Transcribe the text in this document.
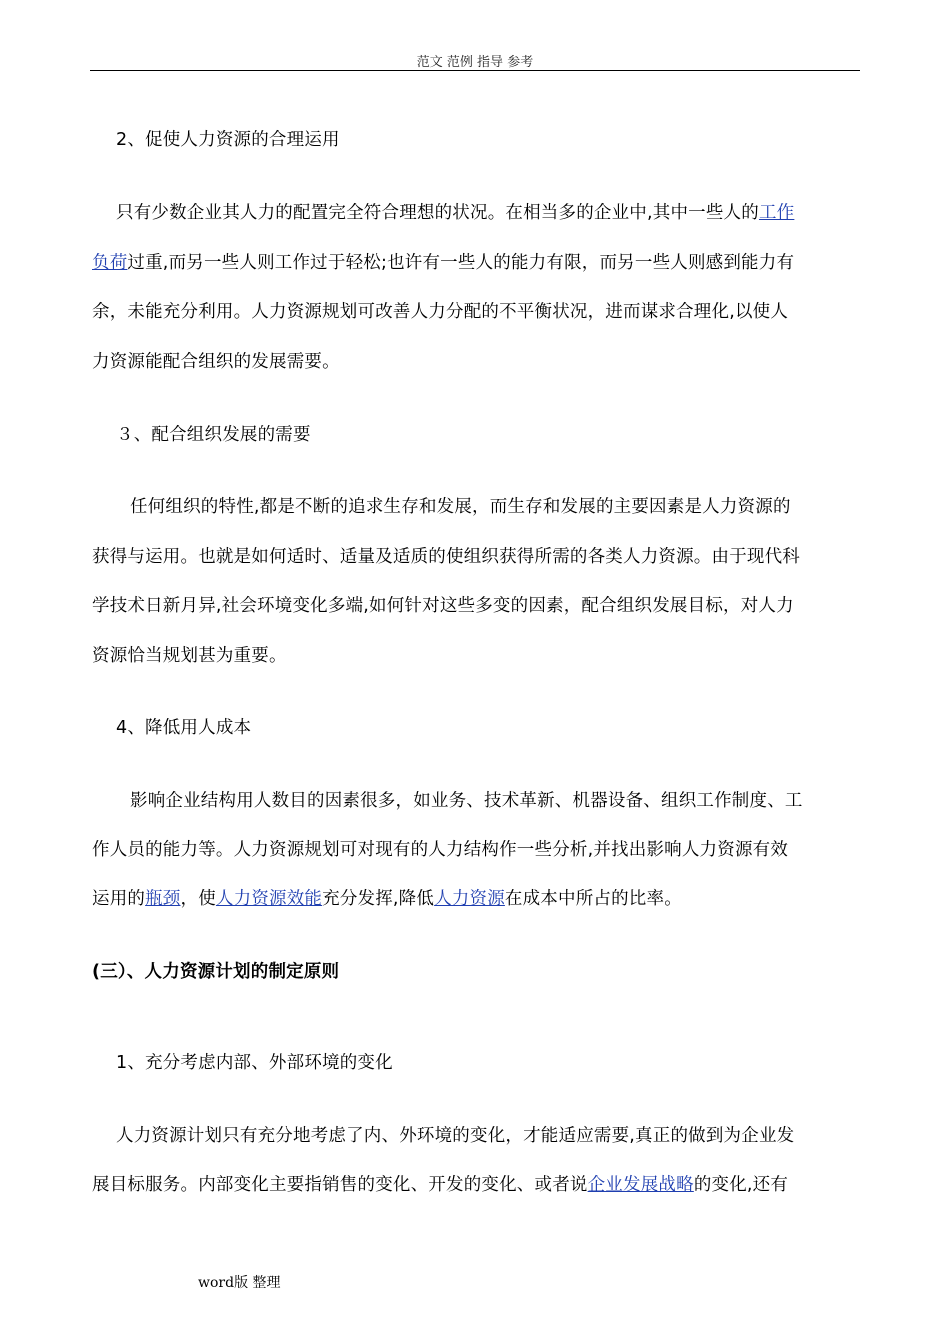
范文 范例 指导 参考
2、促使人力资源的合理运用
只有少数企业其人力的配置完全符合理想的状况。在相当多的企业中,其中一些人的工作
负荷过重,而另一些人则工作过于轻松;也许有一些人的能力有限，而另一些人则感到能力有
余，未能充分利用。人力资源规划可改善人力分配的不平衡状况，进而谋求合理化,以使人
力资源能配合组织的发展需要。
３、配合组织发展的需要
任何组织的特性,都是不断的追求生存和发展，而生存和发展的主要因素是人力资源的
获得与运用。也就是如何适时、适量及适质的使组织获得所需的各类人力资源。由于现代科
学技术日新月异,社会环境变化多端,如何针对这些多变的因素，配合组织发展目标，对人力
资源恰当规划甚为重要。
4、降低用人成本
影响企业结构用人数目的因素很多，如业务、技术革新、机器设备、组织工作制度、工
作人员的能力等。人力资源规划可对现有的人力结构作一些分析,并找出影响人力资源有效
运用的瓶颈，使人力资源效能充分发挥,降低人力资源在成本中所占的比率。
(三）、人力资源计划的制定原则
1、充分考虑内部、外部环境的变化
人力资源计划只有充分地考虑了内、外环境的变化，才能适应需要,真正的做到为企业发
展目标服务。内部变化主要指销售的变化、开发的变化、或者说企业发展战略的变化,还有
word版 整理
